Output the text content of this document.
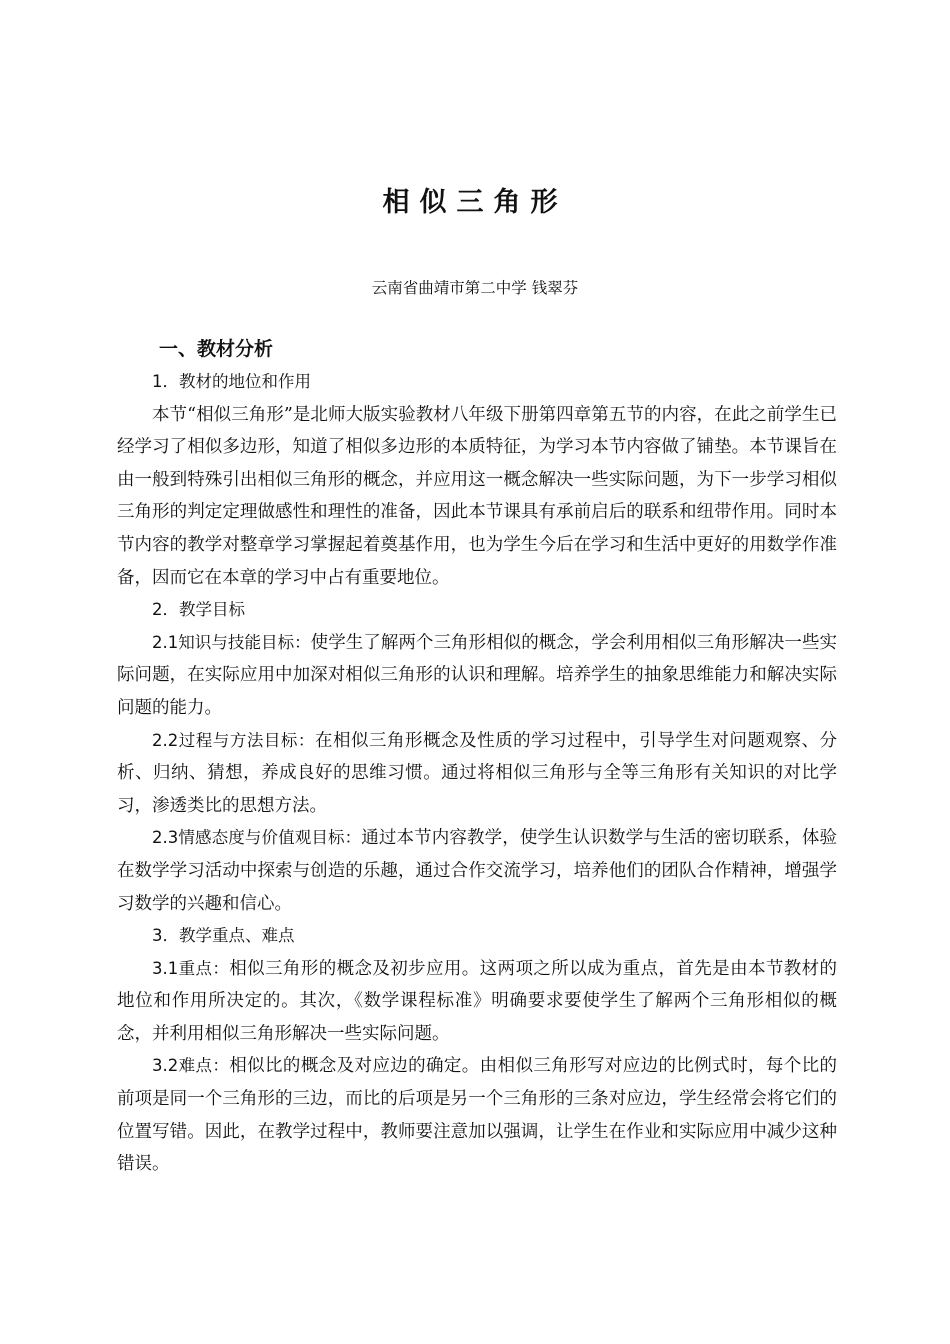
相似三角形

云南省曲靖市第二中学 钱翠芬

一、教材分析

1．教材的地位和作用

本节“相似三角形”是北师大版实验教材八年级下册第四章第五节的内容，在此之前学生已经学习了相似多边形，知道了相似多边形的本质特征，为学习本节内容做了铺垫。本节课旨在由一般到特殊引出相似三角形的概念，并应用这一概念解决一些实际问题，为下一步学习相似三角形的判定定理做感性和理性的准备，因此本节课具有承前启后的联系和纽带作用。同时本节内容的教学对整章学习掌握起着奠基作用，也为学生今后在学习和生活中更好的用数学作准备，因而它在本章的学习中占有重要地位。

2．教学目标

2.1知识与技能目标：使学生了解两个三角形相似的概念，学会利用相似三角形解决一些实际问题，在实际应用中加深对相似三角形的认识和理解。培养学生的抽象思维能力和解决实际问题的能力。

2.2过程与方法目标：在相似三角形概念及性质的学习过程中，引导学生对问题观察、分析、归纳、猜想，养成良好的思维习惯。通过将相似三角形与全等三角形有关知识的对比学习，渗透类比的思想方法。

2.3情感态度与价值观目标：通过本节内容教学，使学生认识数学与生活的密切联系，体验在数学学习活动中探索与创造的乐趣，通过合作交流学习，培养他们的团队合作精神，增强学习数学的兴趣和信心。

3．教学重点、难点

3.1重点：相似三角形的概念及初步应用。这两项之所以成为重点，首先是由本节教材的地位和作用所决定的。其次，《数学课程标准》明确要求要使学生了解两个三角形相似的概念，并利用相似三角形解决一些实际问题。

3.2难点：相似比的概念及对应边的确定。由相似三角形写对应边的比例式时，每个比的前项是同一个三角形的三边，而比的后项是另一个三角形的三条对应边，学生经常会将它们的位置写错。因此，在教学过程中，教师要注意加以强调，让学生在作业和实际应用中减少这种错误。
